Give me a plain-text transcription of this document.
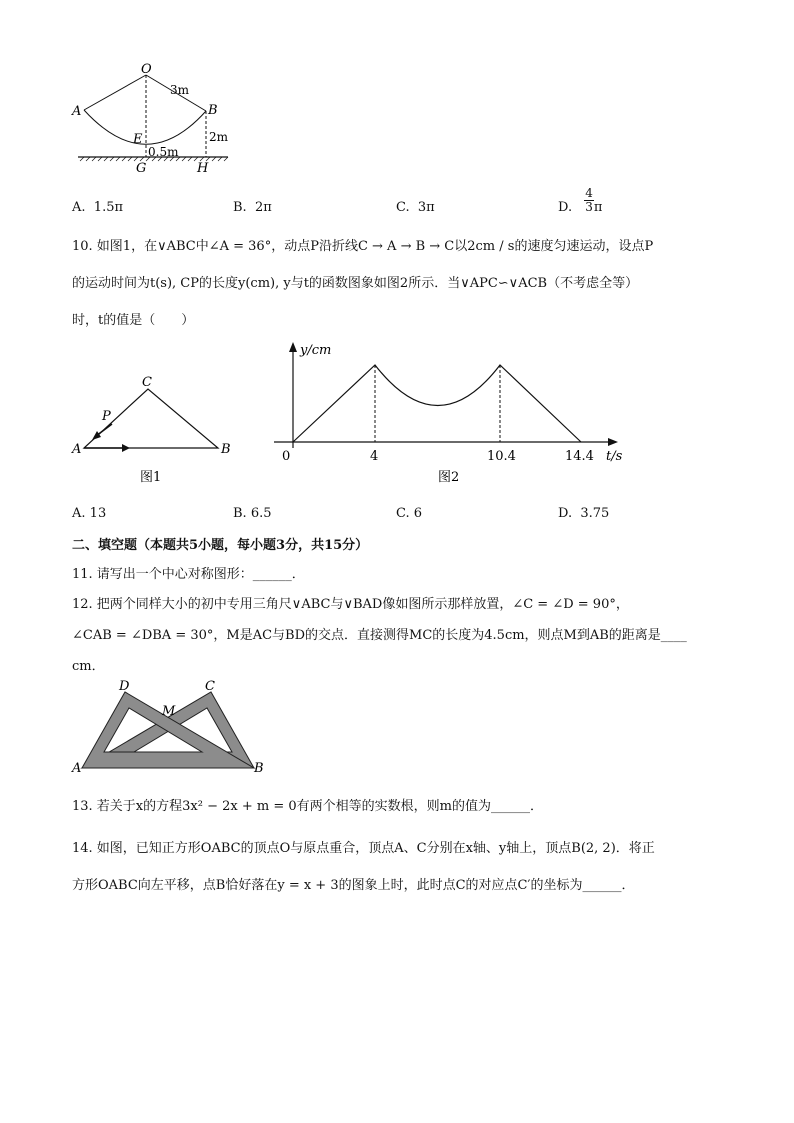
O
A	B
E
G	H
3m
2m
0.5m
A. 1.5π	B. 2π	C. 3π	D. $\frac{4}{3}$ π
10. 如图1，在∨ABC中∠A = 36°，动点P沿折线C → A → B → C以2cm / s的速度匀速运动，设点P
的运动时间为t(s), CP的长度y(cm), y与t的函数图象如图2所示．当∨APC∽∨ACB（不考虑全等）
时，t的值是（　　）
C
P
A	B
图1
y/cm
t/s
0	4	10.4	14.4
图2
A. 13	B. 6.5	C. 6	D. 3.75
二、填空题（本题共5小题，每小题3分，共15分）
11. 请写出一个中心对称图形：______．
12. 把两个同样大小的初中专用三角尺∨ABC与∨BAD像如图所示那样放置，∠C = ∠D = 90°，
∠CAB = ∠DBA = 30°，M是AC与BD的交点．直接测得MC的长度为4.5cm，则点M到AB的距离是____
cm．
D	C
M
A	B
13. 若关于x的方程3x² − 2x + m = 0有两个相等的实数根，则m的值为______．
14. 如图，已知正方形OABC的顶点O与原点重合，顶点A、C分别在x轴、y轴上，顶点B(2, 2)．将正
方形OABC向左平移，点B恰好落在y = x + 3的图象上时，此时点C的对应点C′的坐标为______．
